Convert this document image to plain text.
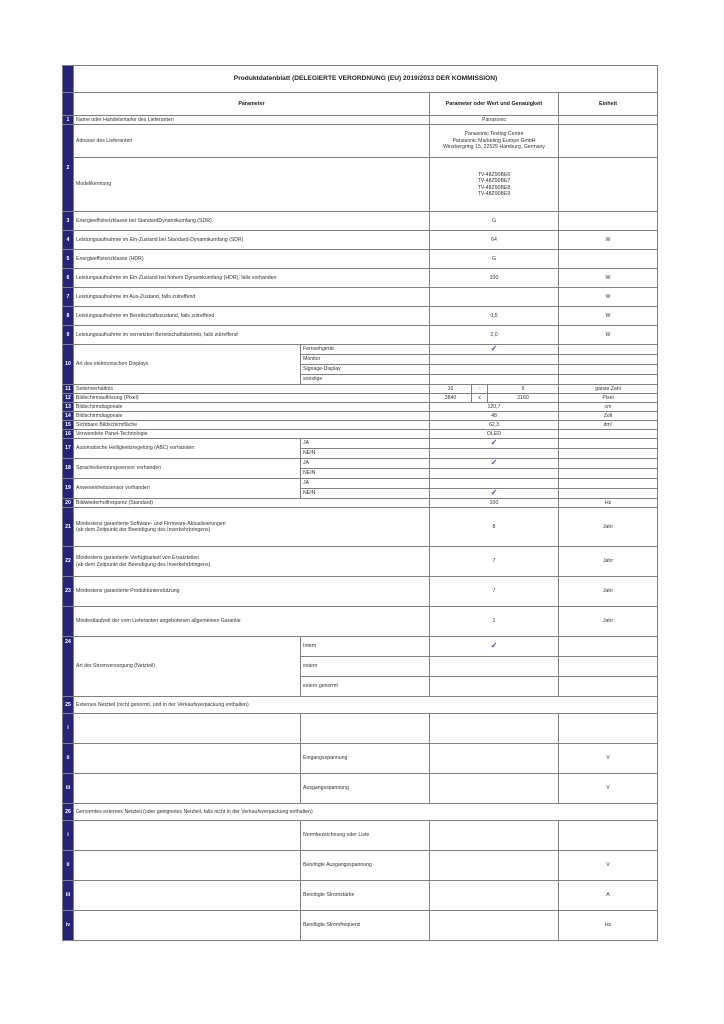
	Produktdatenblatt (DELEGIERTE VERORDNUNG (EU) 2019/2013 DER KOMMISSION)					
	Parameter		Parameter oder Wert und Genauigkeit			Einheit
1	Name oder Handelsmarke des Lieferanten		Panasonic			
2	Adresse des Lieferanten		Panasonic Testing Centre
Panasonic Marketing Europe GmbH
Winsbergring 15, 22525 Hamburg, Germany			

	Modellkennung		TV-48Z90BE6
TV-48Z90BE7
TV-48Z90BE8
TV-48Z90BE9			

3	Energieeffizienzklasse bei StandardDynamikumfang (SDR)		G			
4	Leistungsaufnahme im Ein-Zustand bei Standard-Dynamikumfang (SDR)		64			W
5	Energieeffizienzklasse (HDR)		G			
6	Leistungsaufnahme im Ein-Zustand bei hohem Dynamikumfang (HDR), falls vorhanden		100			W
7	Leistungsaufnahme im Aus-Zustand, falls zutreffend					W
8	Leistungsaufnahme im Bereitschaftszustand, falls zutreffend		0,5			W
9	Leistungsaufnahme im vernetzten Bereitschaftsbetrieb, falls zutreffend		2,0			W
10	Art des elektronischen Displays	Fernsehgerät	✓			
		Monitor				
		Signage-Display				
		sonstige				
11	Seitenverhältnis		16	:	9	ganze Zahl
12	Bildschirmauflösung (Pixel)		3840	x	2160	Pixel
13	Bildschirmdiagonale		120,7			cm
14	Bildschirmdiagonale		48			Zoll
15	Sichtbare Bildschirmfläche		62,3			dm²
16	Verwendete Panel-Technologie		OLED			
17	Automatische Helligkeitsregelung (ABC) vorhanden	JA	✓			
		NEIN				
18	Spracherkennungssensor vorhanden	JA	✓			
		NEIN				
19	Anwesenheitssensor vorhanden	JA				
		NEIN	✓			
20	Bildwiederholfrequenz (Standard)		100			Hz
21	Mindestens garantierte Software- und Firmware-Aktualisierungen
(ab dem Zeitpunkt der Beendigung des Inverkehrbringens)		8			Jahr
22	Mindestens garantierte Verfügbarkeit von Ersatzteilen
(ab dem Zeitpunkt der Beendigung des Inverkehrbringens)		7			Jahr
23	Mindestens garantierte Produktunterstützung		7			Jahr
	Mindestlaufzeit der vom Lieferanten angebotenen allgemeinen Garantie		1			Jahr
24	Art der Stromversorgung (Netzteil)	Intern	✓			
		extern				
		extern genormt				
25	Externes Netzteil (nicht genormt, und in der Verkaufsverpackung enthalten)					
i						
ii		Eingangsspannung				V
iii		Ausgangsspannung				V
26	Genormtes externes Netzteil (oder geeignetes Netzteil, falls nicht in der Verkaufsverpackung enthalten)					
i		Normbezeichnung oder Liste				
ii		Benötigte Ausgangsspannung				V
iii		Benötigte Stromstärke				A
iv		Benötigte Stromfrequenz				Hz
